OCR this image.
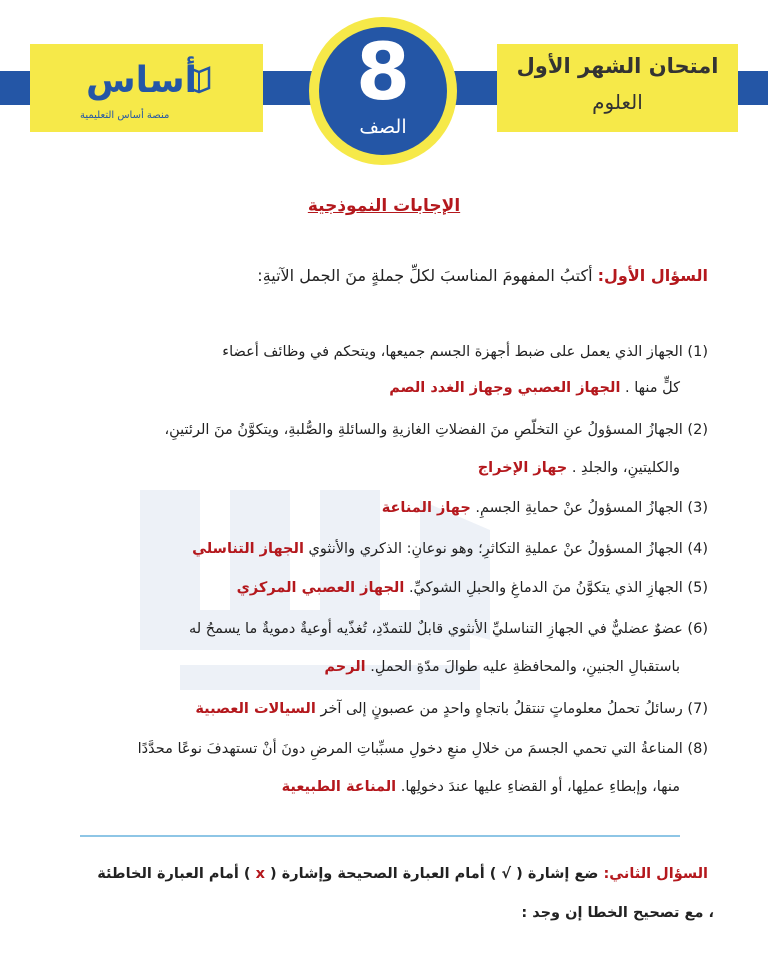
امتحان الشهر الأول
العلوم
أساس
منصة أساس التعليمية	8
الصف
الإجابات النموذجية
السؤال الأول: أكتبُ المفهومَ المناسبَ لكلِّ جملةٍ منَ الجمل الآتيةِ:
(1) الجهاز الذي يعمل على ضبط أجهزة الجسم جميعها، ويتحكم في وظائف أعضاء
كلٍّ منها . الجهاز العصبي وجهاز الغدد الصم
(2) الجهازُ المسؤولُ عنِ التخلّصِ منَ الفضلاتِ الغازيةِ والسائلةِ والصُّلبةِ، ويتكوَّنُ منَ الرئتينِ،
والكليتينِ، والجلدِ . جهاز الإخراج
(3) الجهازُ المسؤولُ عنْ حمايةِ الجسمِ. جهاز المناعة
(4) الجهازُ المسؤولُ عنْ عمليةِ التكاثرِ؛ وهو نوعانِ: الذكري والأنثوي الجهاز التناسلي
(5) الجهازِ الذي يتكوَّنُ منَ الدماغِ والحبلِ الشوكيِّ. الجهاز العصبي المركزي
(6) عضوٌ عضليٌّ في الجهازِ التناسليِّ الأنثوي قابلٌ للتمدّدِ، تُغذّيه أوعيةٌ دمويةٌ ما يسمحُ له
باستقبالِ الجنينِ، والمحافظةِ عليه طوالَ مدّةِ الحملِ. الرحم
(7) رسائلُ تحملُ معلوماتٍ تنتقلُ باتجاهٍ واحدٍ من عصبونٍ إلى آخر السيالات العصبية
(8) المناعةُ التي تحمي الجسمَ من خلالِ منعِ دخولِ مسبِّباتِ المرضِ دونَ أنْ تستهدفَ نوعًا محدَّدًا
منها، وإبطاءِ عملِها، أو القضاءِ عليها عندَ دخولِها. المناعة الطبيعية
السؤال الثاني: ضع إشارة ( √ ) أمام العبارة الصحيحة وإشارة ( x ) أمام العبارة الخاطئة
، مع تصحيح الخطا إن وجد :
